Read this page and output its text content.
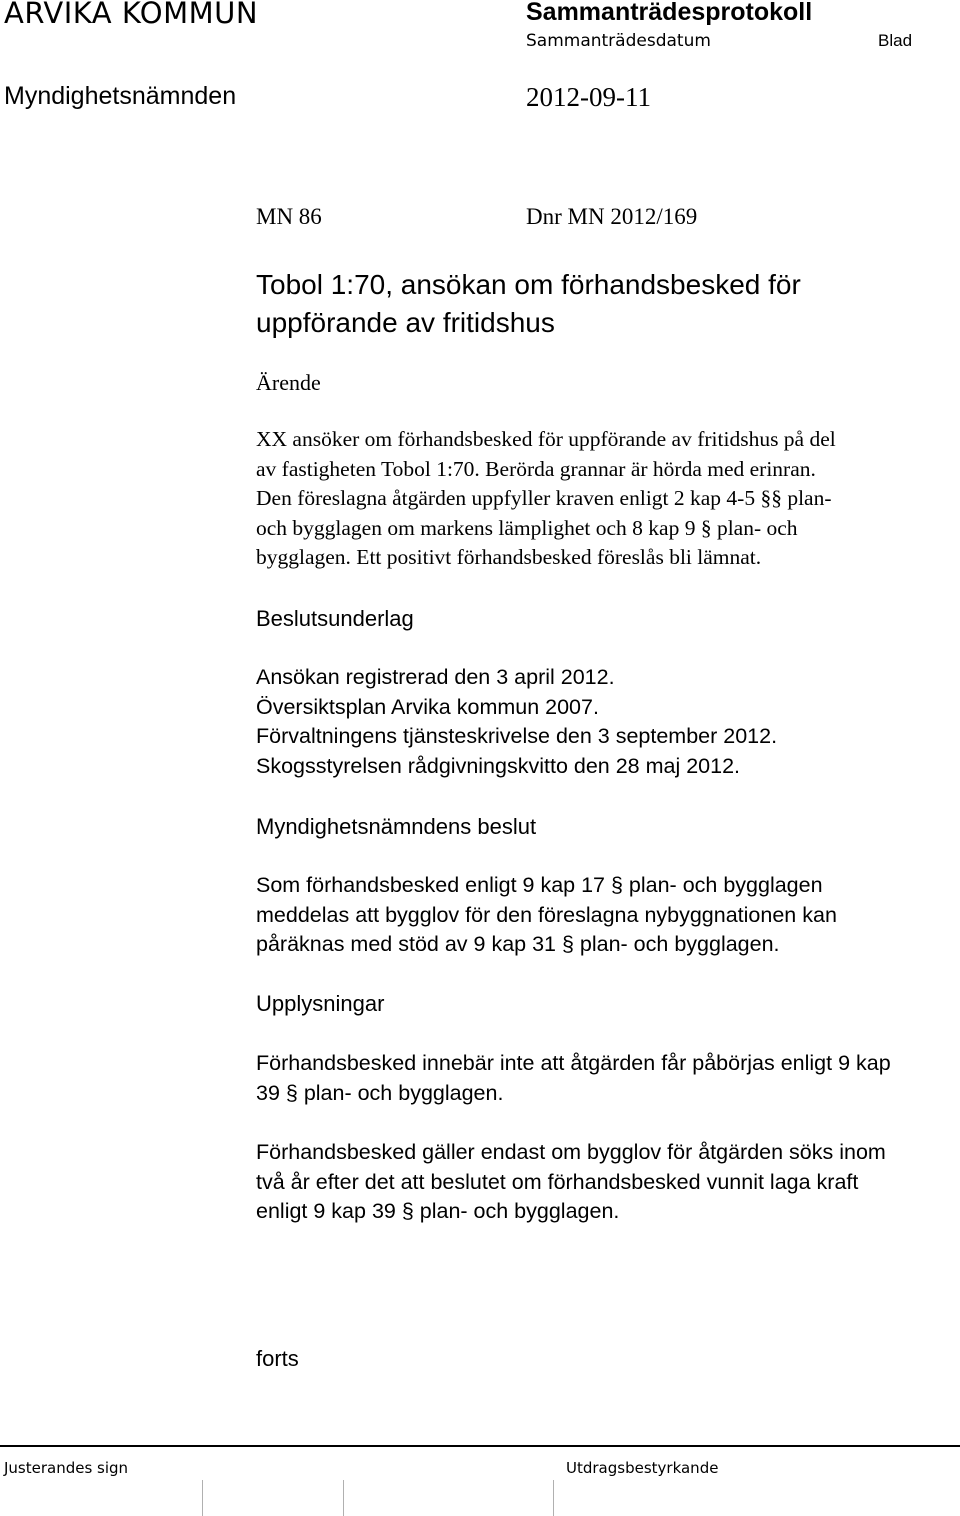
ARVIKA KOMMUN	Sammanträdesprotokoll
Sammanträdesdatum	Blad
Myndighetsnämnden	2012-09-11
MN 86	Dnr MN 2012/169
Tobol 1:70, ansökan om förhandsbesked för uppförande av fritidshus
Ärende

XX ansöker om förhandsbesked för uppförande av fritidshus på del

av fastigheten Tobol 1:70. Berörda grannar är hörda med erinran.

Den föreslagna åtgärden uppfyller kraven enligt 2 kap 4-5 §§ plan-

och bygglagen om markens lämplighet och 8 kap 9 § plan- och

bygglagen. Ett positivt förhandsbesked föreslås bli lämnat.

Beslutsunderlag

Ansökan registrerad den 3 april 2012.

Översiktsplan Arvika kommun 2007.

Förvaltningens tjänsteskrivelse den 3 september 2012.

Skogsstyrelsen rådgivningskvitto den 28 maj 2012.

Myndighetsnämndens beslut

Som förhandsbesked enligt 9 kap 17 § plan- och bygglagen

meddelas att bygglov för den föreslagna nybyggnationen kan

påräknas med stöd av 9 kap 31 § plan- och bygglagen.

Upplysningar

Förhandsbesked innebär inte att åtgärden får påbörjas enligt 9 kap

39 § plan- och bygglagen.

Förhandsbesked gäller endast om bygglov för åtgärden söks inom

två år efter det att beslutet om förhandsbesked vunnit laga kraft

enligt 9 kap 39 § plan- och bygglagen.

forts
Justerandes sign	Utdragsbestyrkande
